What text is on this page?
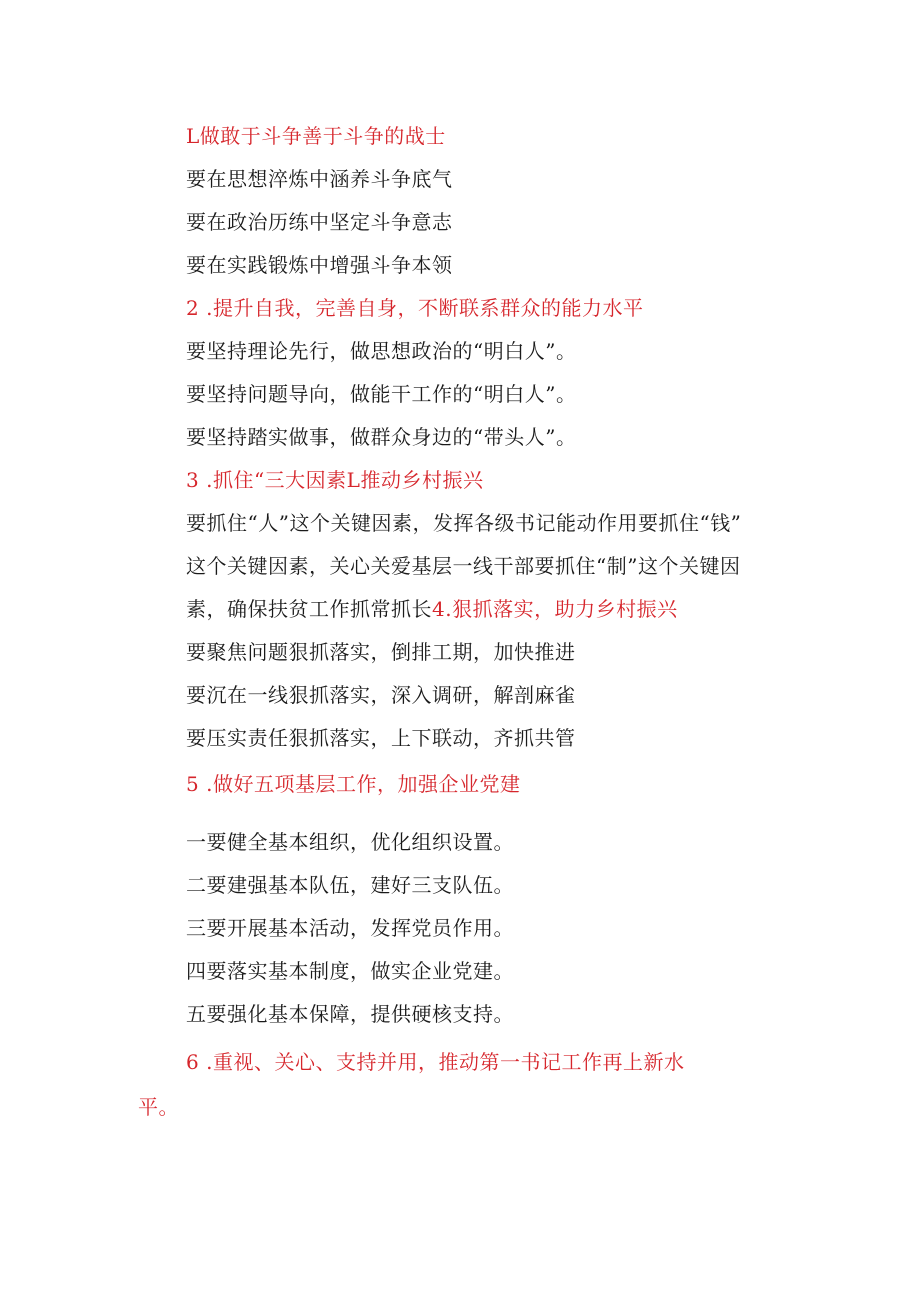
L做敢于斗争善于斗争的战士
要在思想淬炼中涵养斗争底气
要在政治历练中坚定斗争意志
要在实践锻炼中增强斗争本领
2 .提升自我，完善自身，不断联系群众的能力水平
要坚持理论先行，做思想政治的“明白人”。
要坚持问题导向，做能干工作的“明白人”。
要坚持踏实做事，做群众身边的“带头人”。
3 .抓住“三大因素L推动乡村振兴
要抓住“人”这个关键因素，发挥各级书记能动作用要抓住“钱”
这个关键因素，关心关爱基层一线干部要抓住“制”这个关键因
素，确保扶贫工作抓常抓长4.狠抓落实，助力乡村振兴
要聚焦问题狠抓落实，倒排工期，加快推进
要沉在一线狠抓落实，深入调研，解剖麻雀
要压实责任狠抓落实，上下联动，齐抓共管
5 .做好五项基层工作，加强企业党建
一要健全基本组织，优化组织设置。
二要建强基本队伍，建好三支队伍。
三要开展基本活动，发挥党员作用。
四要落实基本制度，做实企业党建。
五要强化基本保障，提供硬核支持。
6 .重视、关心、支持并用，推动第一书记工作再上新水
平。
